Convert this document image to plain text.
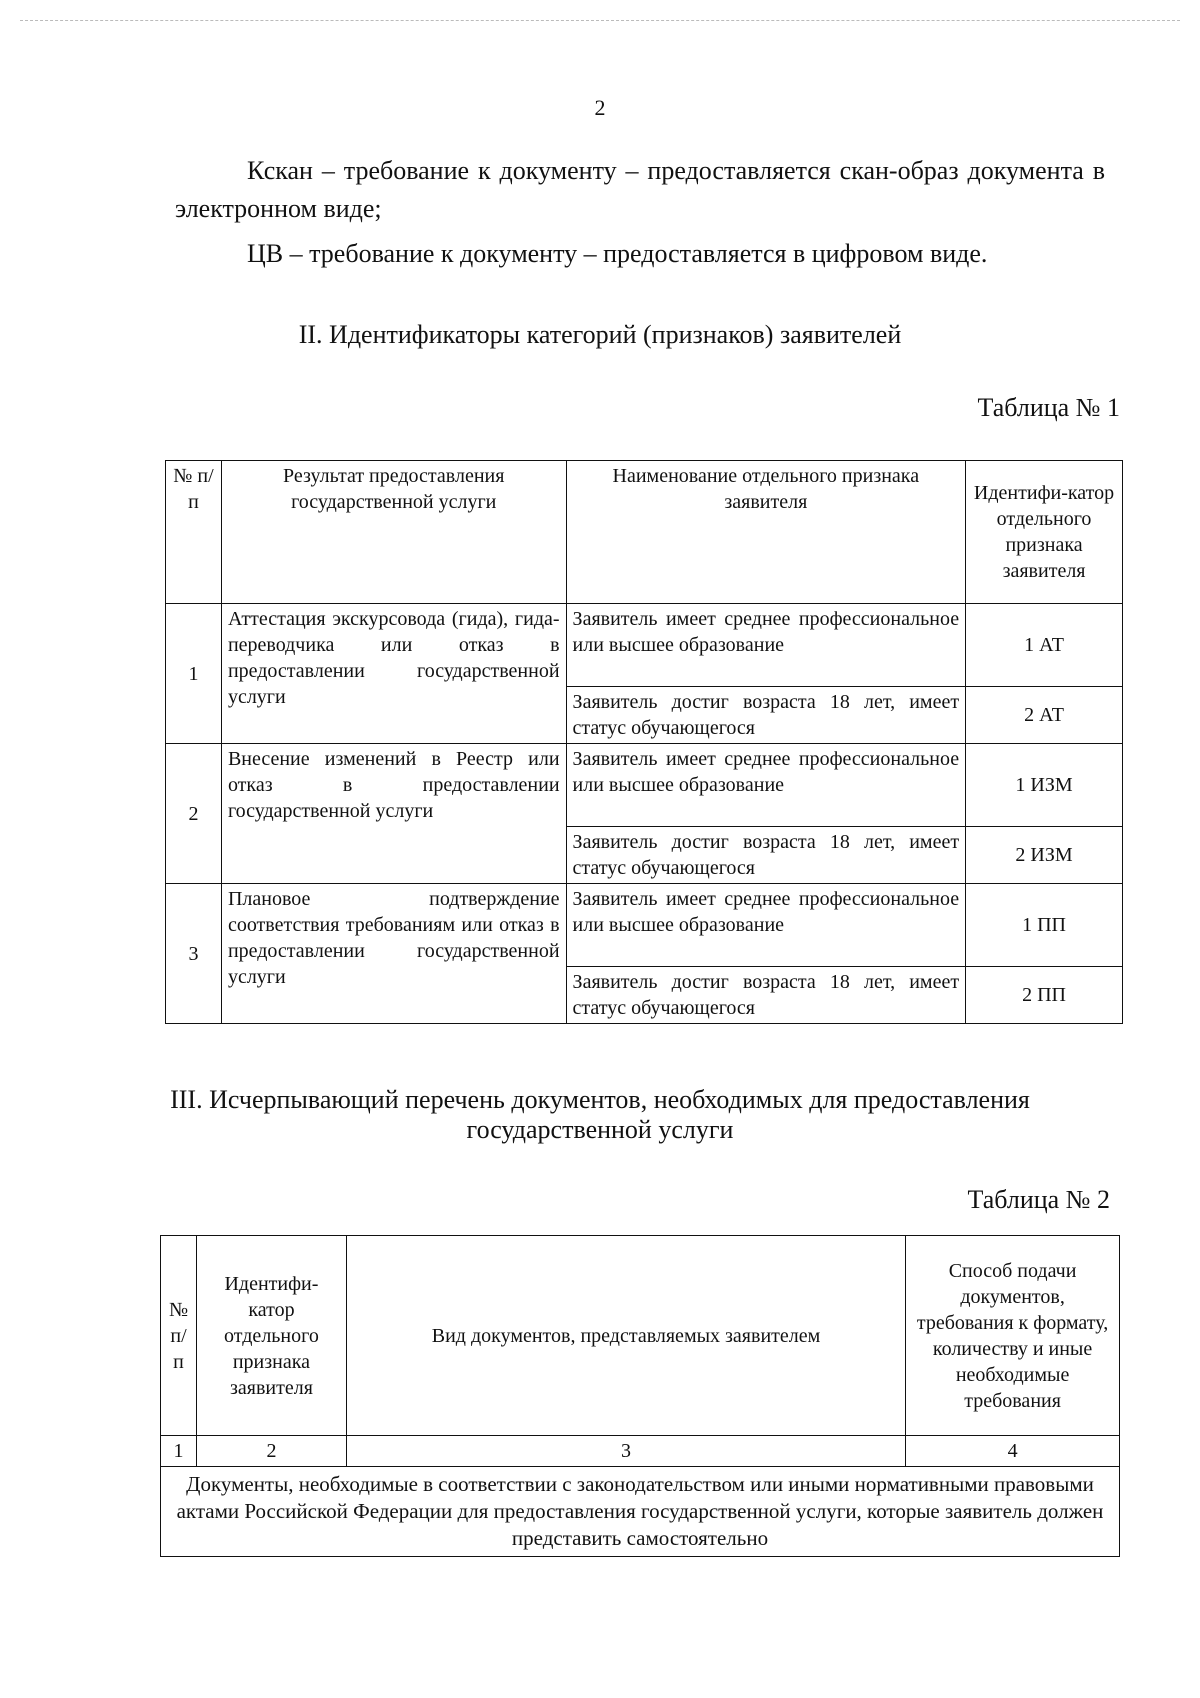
2
Кскан – требование к документу – предоставляется скан-образ документа в электронном виде;
ЦВ – требование к документу – предоставляется в цифровом виде.
II. Идентификаторы категорий (признаков) заявителей
Таблица № 1
№ п/п	Результат предоставления государственной услуги	Наименование отдельного признака заявителя	Идентифи-катор отдельного признака заявителя
1	Аттестация экскурсовода (гида), гида-переводчика или отказ в предоставлении государственной услуги	Заявитель имеет среднее профессиональное или высшее образование	1 АТ
		Заявитель достиг возраста 18 лет, имеет статус обучающегося	2 АТ
2	Внесение изменений в Реестр или отказ в предоставлении государственной услуги	Заявитель имеет среднее профессиональное или высшее образование	1 ИЗМ
		Заявитель достиг возраста 18 лет, имеет статус обучающегося	2 ИЗМ
3	Плановое подтверждение соответствия требованиям или отказ в предоставлении государственной услуги	Заявитель имеет среднее профессиональное или высшее образование	1 ПП
		Заявитель достиг возраста 18 лет, имеет статус обучающегося	2 ПП
III. Исчерпывающий перечень документов, необходимых для предоставления
государственной услуги
Таблица № 2
№ п/п	Идентифи-катор отдельного признака заявителя	Вид документов, представляемых заявителем	Способ подачи документов, требования к формату, количеству и иные необходимые требования
1	2	3	4
Документы, необходимые в соответствии с законодательством или иными нормативными правовыми актами Российской Федерации для предоставления государственной услуги, которые заявитель должен представить самостоятельно			
